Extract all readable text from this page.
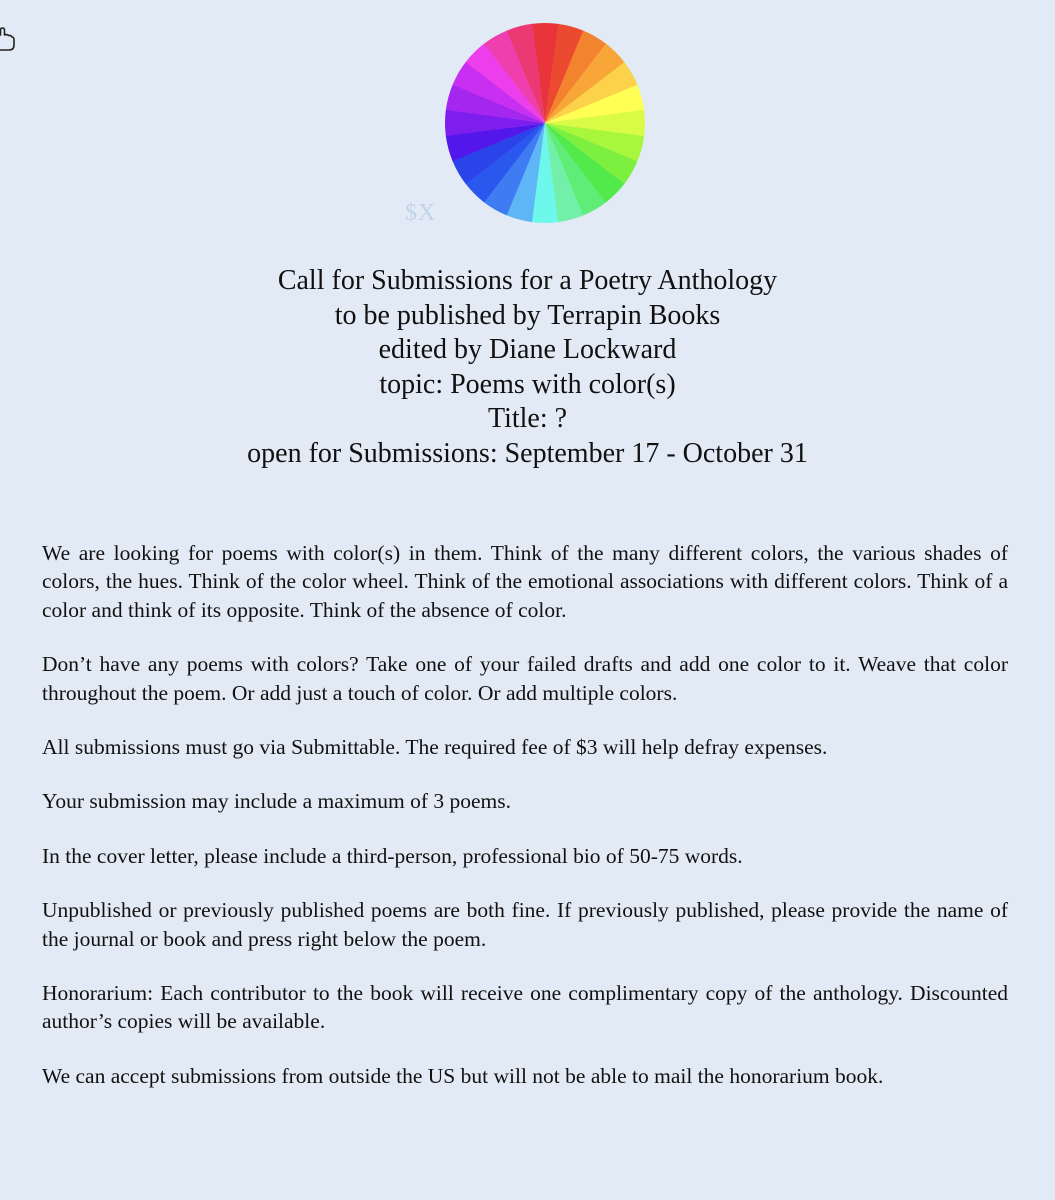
$X
Call for Submissions for a Poetry Anthology
to be published by Terrapin Books
edited by Diane Lockward
topic: Poems with color(s)
Title: ?
open for Submissions: September 17 - October 31

We are looking for poems with color(s) in them. Think of the many different colors, the various shades of colors, the hues. Think of the color wheel. Think of the emotional associations with different colors. Think of a color and think of its opposite. Think of the absence of color.

Don’t have any poems with colors? Take one of your failed drafts and add one color to it. Weave that color throughout the poem. Or add just a touch of color. Or add multiple colors.

All submissions must go via Submittable. The required fee of $3 will help defray expenses.

Your submission may include a maximum of 3 poems.

In the cover letter, please include a third-person, professional bio of 50-75 words.

Unpublished or previously published poems are both fine. If previously published, please provide the name of the journal or book and press right below the poem.

Honorarium: Each contributor to the book will receive one complimentary copy of the anthology. Discounted author’s copies will be available.

We can accept submissions from outside the US but will not be able to mail the honorarium book.
